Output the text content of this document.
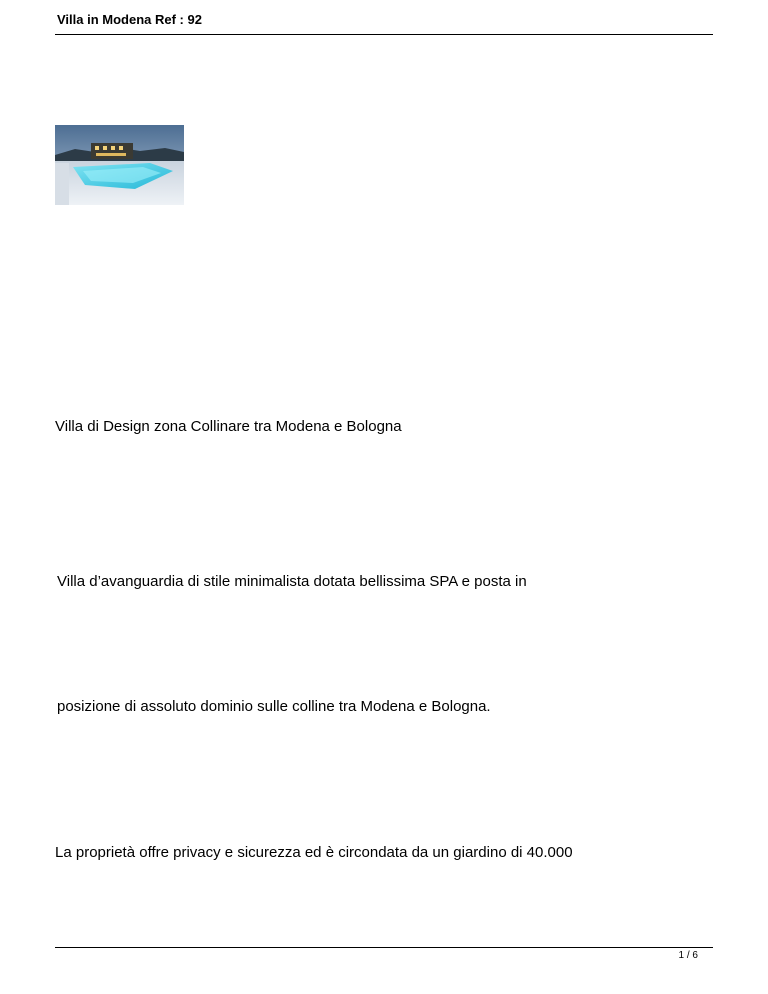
Villa in Modena Ref : 92
Villa di Design zona Collinare tra Modena e Bologna
Villa d’avanguardia di stile minimalista dotata bellissima SPA e posta in
posizione di assoluto dominio sulle colline tra Modena e Bologna.
La proprietà offre privacy e sicurezza ed è circondata da un giardino di 40.000
1 / 6
